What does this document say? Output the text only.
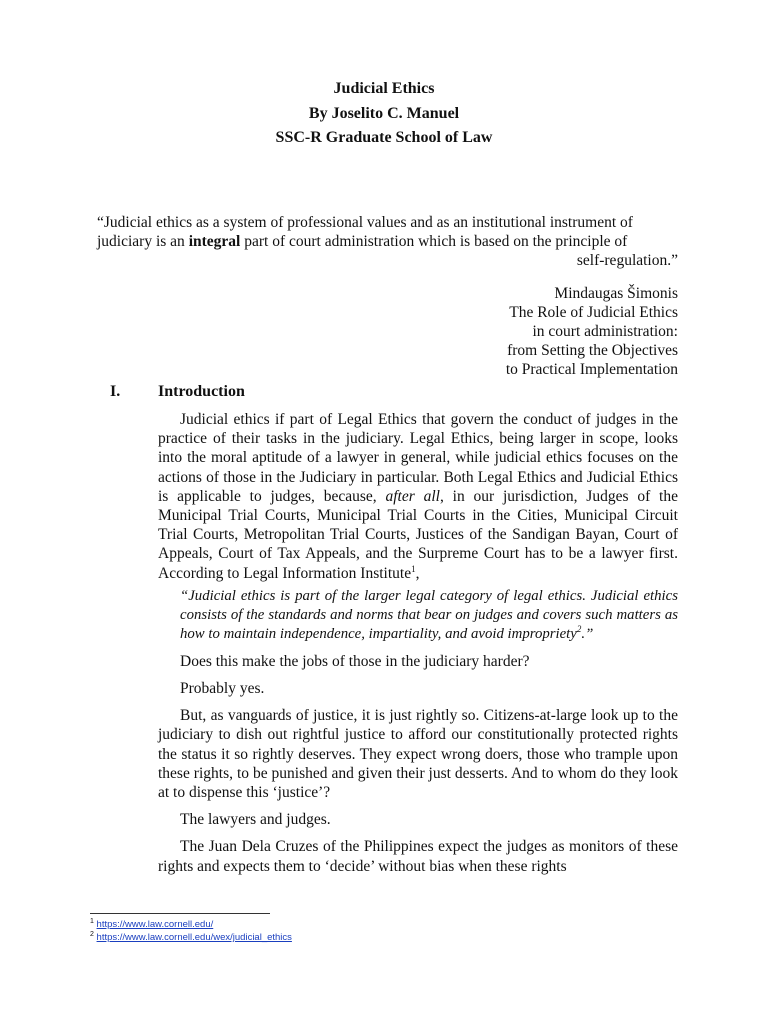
Judicial Ethics
By Joselito C. Manuel
SSC-R Graduate School of Law
“Judicial ethics as a system of professional values and as an institutional instrument of
judiciary is an integral part of court administration which is based on the principle of
self-regulation.”
Mindaugas Šimonis
The Role of Judicial Ethics
in court administration:
from Setting the Objectives
to Practical Implementation
I. Introduction

Judicial ethics if part of Legal Ethics that govern the conduct of judges in the practice of their tasks in the judiciary. Legal Ethics, being larger in scope, looks into the moral aptitude of a lawyer in general, while judicial ethics focuses on the actions of those in the Judiciary in particular. Both Legal Ethics and Judicial Ethics is applicable to judges, because, after all, in our jurisdiction, Judges of the Municipal Trial Courts, Municipal Trial Courts in the Cities, Municipal Circuit Trial Courts, Metropolitan Trial Courts, Justices of the Sandigan Bayan, Court of Appeals, Court of Tax Appeals, and the Surpreme Court has to be a lawyer first. According to Legal Information Institute$^1$,

“Judicial ethics is part of the larger legal category of legal ethics. Judicial ethics consists of the standards and norms that bear on judges and covers such matters as how to maintain independence, impartiality, and avoid impropriety$^2$.”

Does this make the jobs of those in the judiciary harder?

Probably yes.

But, as vanguards of justice, it is just rightly so. Citizens-at-large look up to the judiciary to dish out rightful justice to afford our constitutionally protected rights the status it so rightly deserves. They expect wrong doers, those who trample upon these rights, to be punished and given their just desserts. And to whom do they look at to dispense this ‘justice’?

The lawyers and judges.

The Juan Dela Cruzes of the Philippines expect the judges as monitors of these rights and expects them to ‘decide’ without bias when these rights

$^1$ https://www.law.cornell.edu/
$^2$ https://www.law.cornell.edu/wex/judicial_ethics
